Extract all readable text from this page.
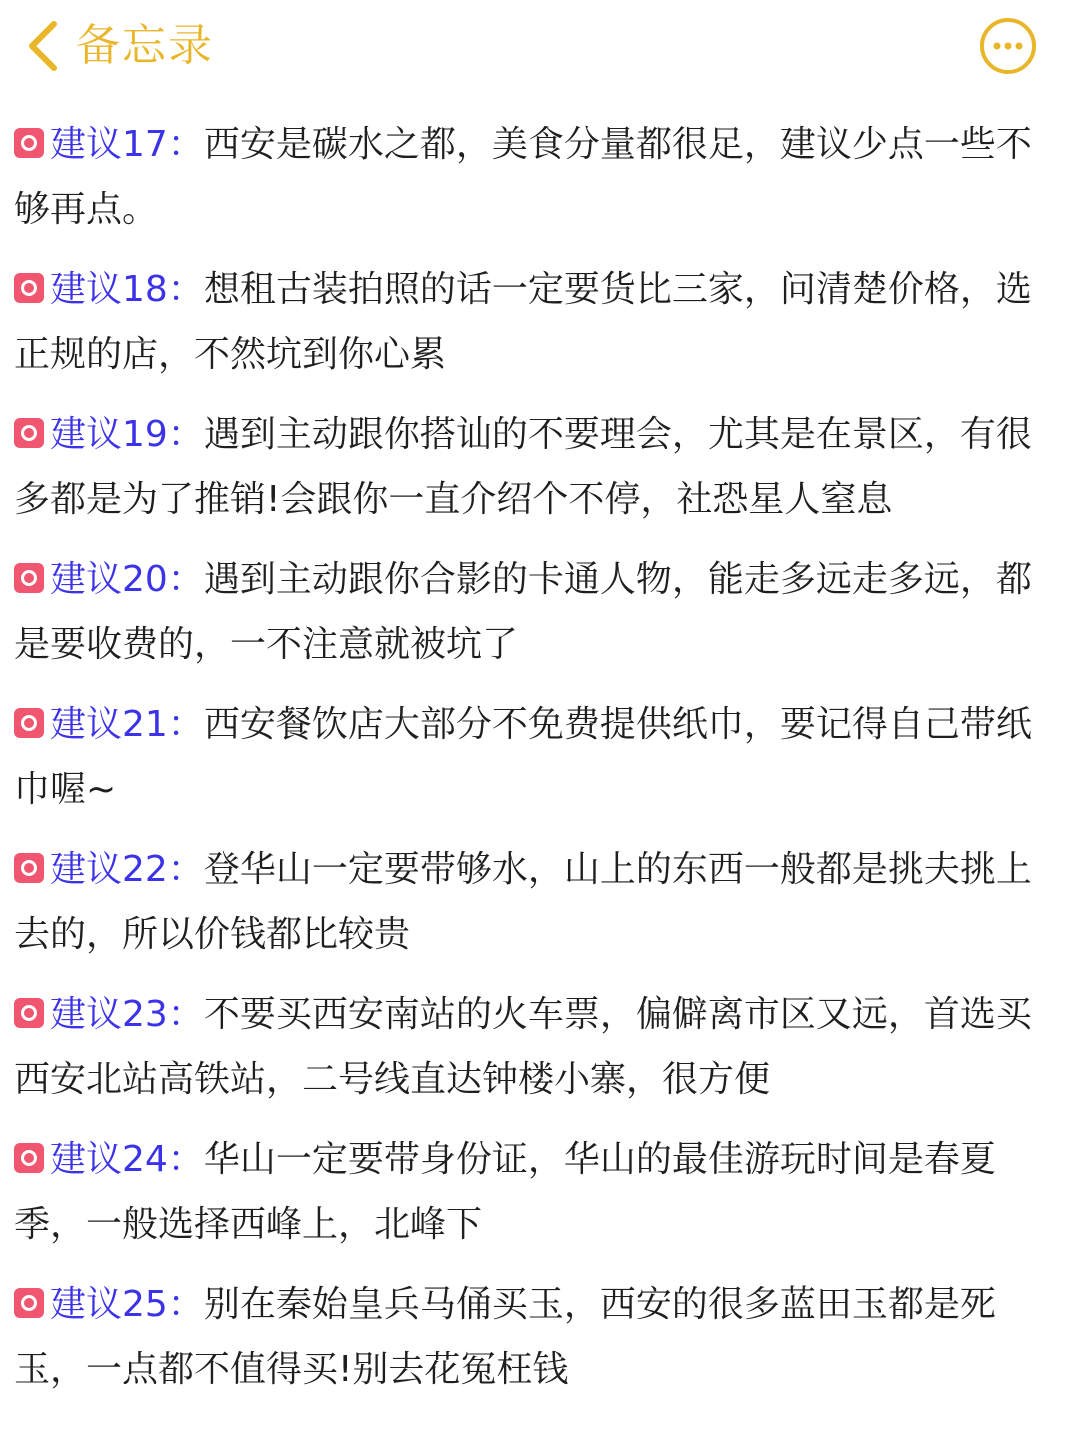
备忘录
建议17：西安是碳水之都，美食分量都很足，建议少点一些不够再点。
建议18：想租古装拍照的话一定要货比三家，问清楚价格，选正规的店，不然坑到你心累
建议19：遇到主动跟你搭讪的不要理会，尤其是在景区，有很多都是为了推销!会跟你一直介绍个不停，社恐星人窒息
建议20：遇到主动跟你合影的卡通人物，能走多远走多远，都是要收费的，一不注意就被坑了
建议21：西安餐饮店大部分不免费提供纸巾，要记得自己带纸巾喔~
建议22：登华山一定要带够水，山上的东西一般都是挑夫挑上去的，所以价钱都比较贵
建议23：不要买西安南站的火车票，偏僻离市区又远，首选买西安北站高铁站，二号线直达钟楼小寨，很方便
建议24：华山一定要带身份证，华山的最佳游玩时间是春夏季，一般选择西峰上，北峰下
建议25：别在秦始皇兵马俑买玉，西安的很多蓝田玉都是死玉，一点都不值得买!别去花冤枉钱
